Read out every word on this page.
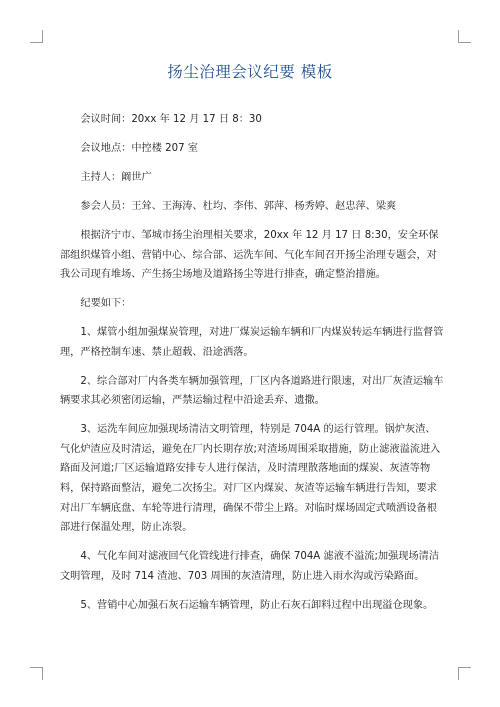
扬尘治理会议纪要 模板

会议时间：20xx 年 12 月 17 日 8：30

会议地点：中控楼 207 室

主持人：阚世广

参会人员：王耸、王海涛、杜均、李伟、郭萍、杨秀婷、赵忠萍、梁爽

根据济宁市、邹城市扬尘治理相关要求，20xx 年 12 月 17 日 8:30，安全环保部组织煤管小组、营销中心、综合部、运洗车间、气化车间召开扬尘治理专题会，对我公司现有堆场、产生扬尘场地及道路扬尘等进行排查，确定整治措施。

纪要如下：

1、煤管小组加强煤炭管理，对进厂煤炭运输车辆和厂内煤炭转运车辆进行监督管理，严格控制车速、禁止超载、沿途洒落。

2、综合部对厂内各类车辆加强管理，厂区内各道路进行限速，对出厂灰渣运输车辆要求其必须密闭运输，严禁运输过程中沿途丢弃、遗撒。

3、运洗车间应加强现场清洁文明管理，特别是 704A 的运行管理。锅炉灰渣、气化炉渣应及时清运，避免在厂内长期存放;对渣场周围采取措施，防止滤液溢流进入路面及河道;厂区运输道路安排专人进行保洁，及时清理散落地面的煤炭、灰渣等物料，保持路面整洁，避免二次扬尘。对厂区内煤炭、灰渣等运输车辆进行告知，要求对出厂车辆底盘、车轮等进行清理，确保不带尘上路。对临时煤场固定式喷洒设备根部进行保温处理，防止冻裂。

4、气化车间对滤液回气化管线进行排查，确保 704A 滤液不溢流;加强现场清洁文明管理，及时 714 渣池、703 周围的灰渣清理，防止进入雨水沟或污染路面。

5、营销中心加强石灰石运输车辆管理，防止石灰石卸料过程中出现溢仓现象。
